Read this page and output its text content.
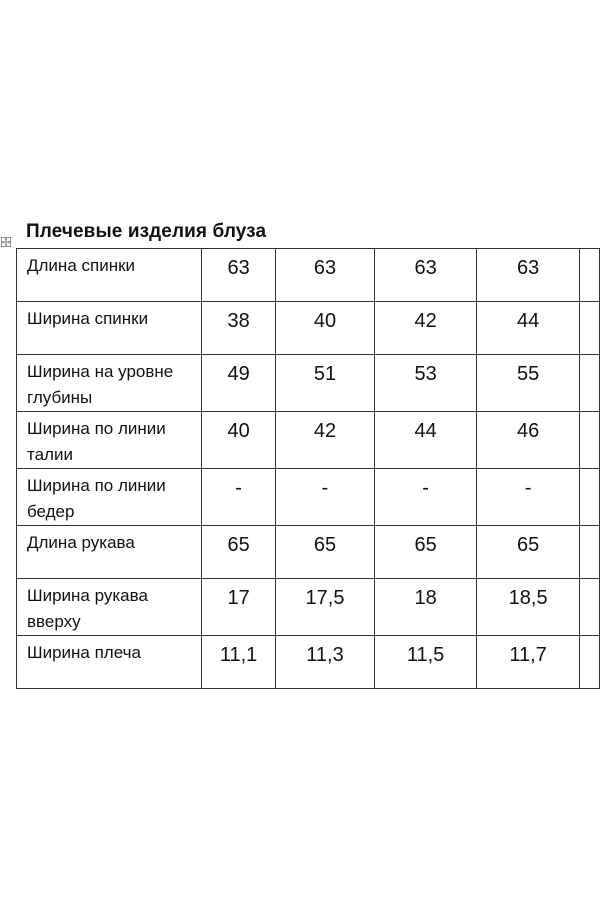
Плечевые изделия блуза
Длина спинки	63	63	63	63	
Ширина спинки	38	40	42	44	
Ширина на уровне глубины	49	51	53	55	
Ширина по линии талии	40	42	44	46	
Ширина по линии бедер	-	-	-	-	
Длина рукава	65	65	65	65	
Ширина рукава вверху	17	17,5	18	18,5	
Ширина плеча	11,1	11,3	11,5	11,7	
